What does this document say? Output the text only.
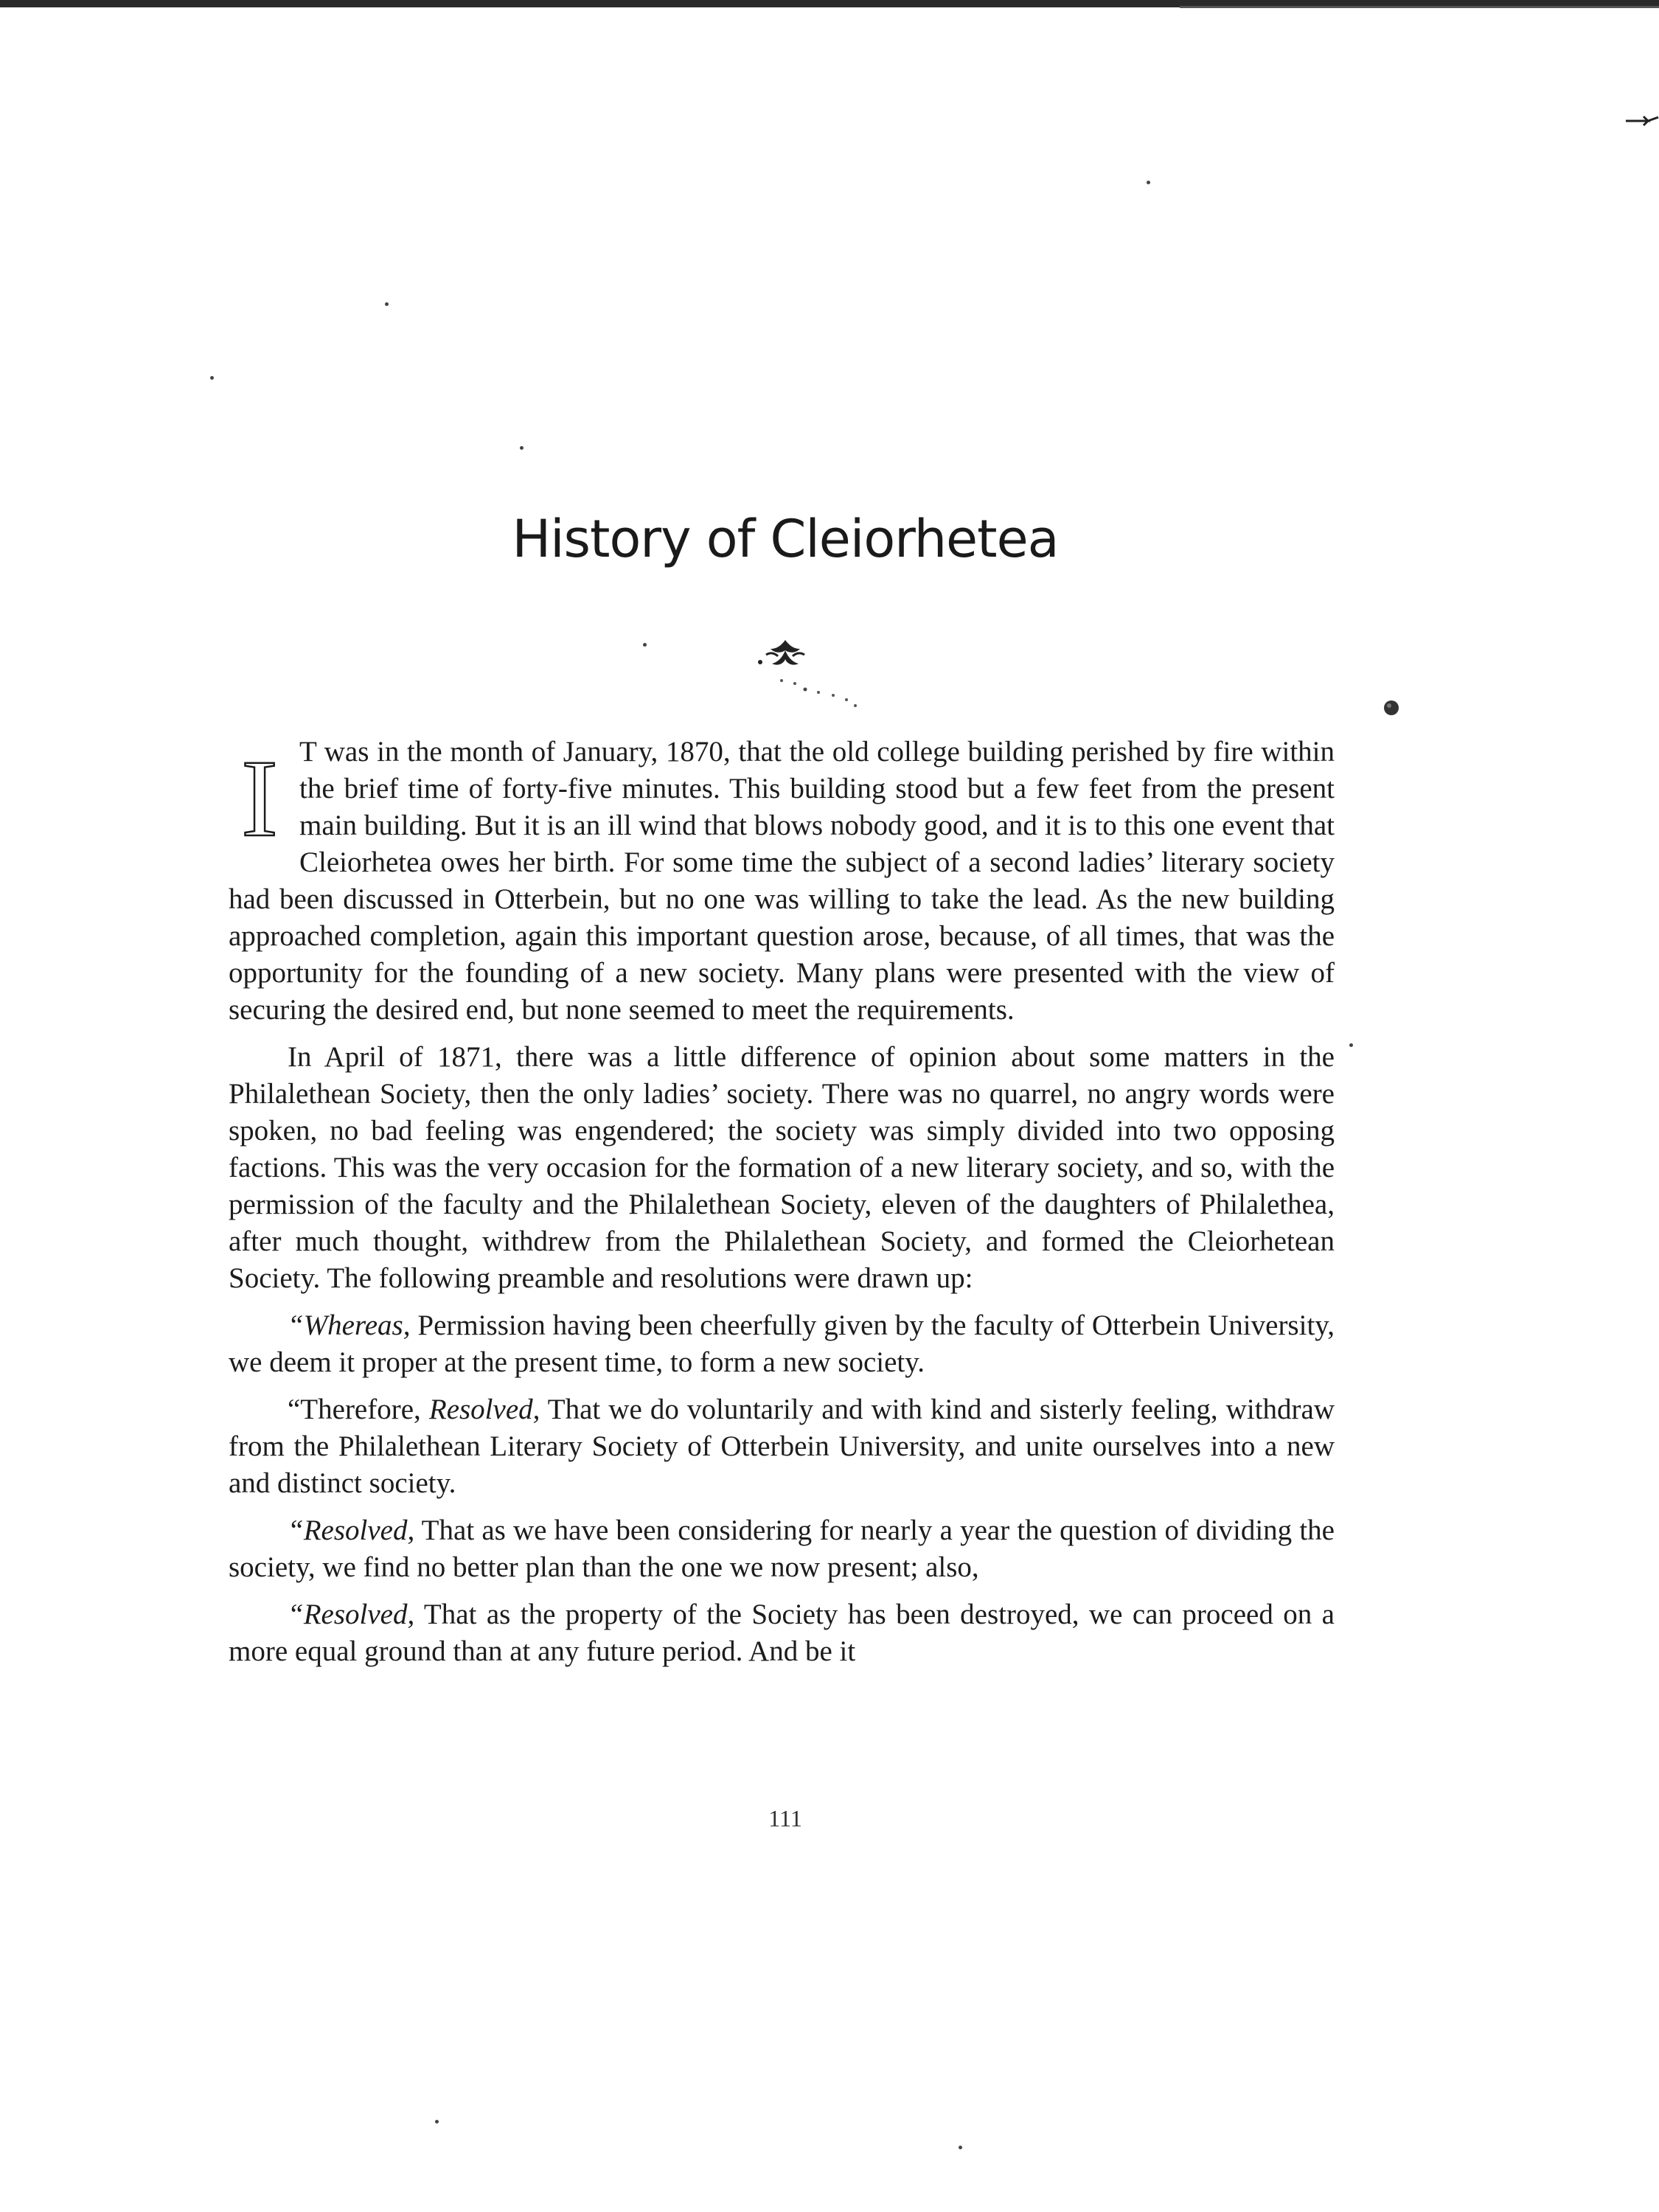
History of Cleiorhetea

I T was in the month of January, 1870, that the old college building perished by fire within the brief time of forty-five minutes. This building stood but a few feet from the present main building. But it is an ill wind that blows nobody good, and it is to this one event that Cleiorhetea owes her birth. For some time the subject of a second ladies’ literary society had been discussed in Otterbein, but no one was willing to take the lead. As the new building approached completion, again this important question arose, because, of all times, that was the opportunity for the founding of a new society. Many plans were presented with the view of securing the desired end, but none seemed to meet the requirements.

In April of 1871, there was a little difference of opinion about some matters in the Philalethean Society, then the only ladies’ society. There was no quarrel, no angry words were spoken, no bad feeling was engendered; the society was simply divided into two opposing factions. This was the very occasion for the formation of a new literary society, and so, with the permission of the faculty and the Philalethean Society, eleven of the daughters of Philalethea, after much thought, withdrew from the Philalethean Society, and formed the Cleiorhetean Society. The following preamble and resolutions were drawn up:

“Whereas, Permission having been cheerfully given by the faculty of Otterbein University, we deem it proper at the present time, to form a new society.

“Therefore, Resolved, That we do voluntarily and with kind and sisterly feeling, withdraw from the Philalethean Literary Society of Otterbein University, and unite ourselves into a new and distinct society.

“Resolved, That as we have been considering for nearly a year the question of dividing the society, we find no better plan than the one we now present; also,

“Resolved, That as the property of the Society has been destroyed, we can proceed on a more equal ground than at any future period. And be it

111
